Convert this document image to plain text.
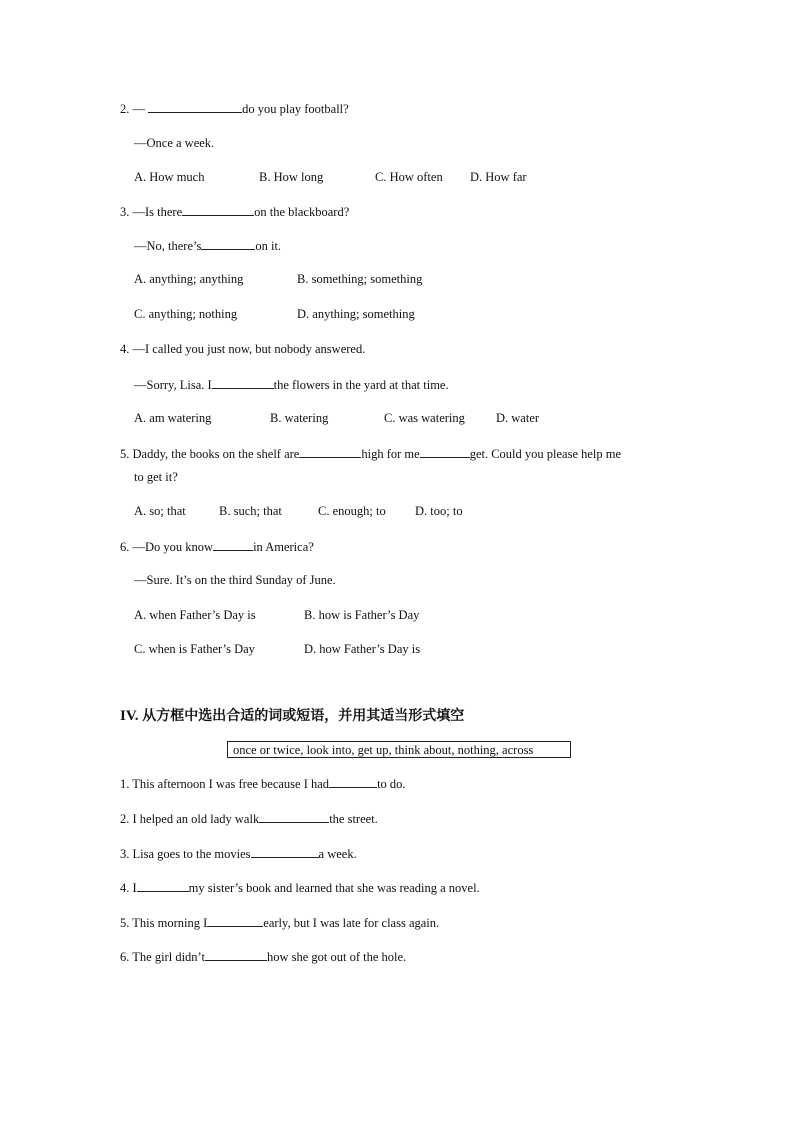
2. —	do you play football?
—Once a week.
A. How much	B. How long	C. How often D. How far
3. —Is there	on the blackboard?
—No, there’s	on it.
A. anything; anything	B. something; something
C. anything; nothing	D. anything; something
4. —I called you just now, but nobody answered.
—Sorry, Lisa. I	the flowers in the yard at that time.
A. am watering	B. watering	C. was watering D. water
5. Daddy, the books on the shelf are	high for me	get. Could you please help me
to get it?
A. so; that	B. such; that	C. enough; to D. too; to
6. —Do you know	in America?
—Sure. It’s on the third Sunday of June.
A. when Father’s Day is	B. how is Father’s Day
C. when is Father’s Day	D. how Father’s Day is
IV. 从方框中选出合适的词或短语，并用其适当形式填空
once or twice, look into, get up, think about, nothing, across
1. This afternoon I was free because I had	to do.
2. I helped an old lady walk	the street.
3. Lisa goes to the movies	a week.
4. I	my sister’s book and learned that she was reading a novel.
5. This morning I	early, but I was late for class again.
6. The girl didn’t	how she got out of the hole.
